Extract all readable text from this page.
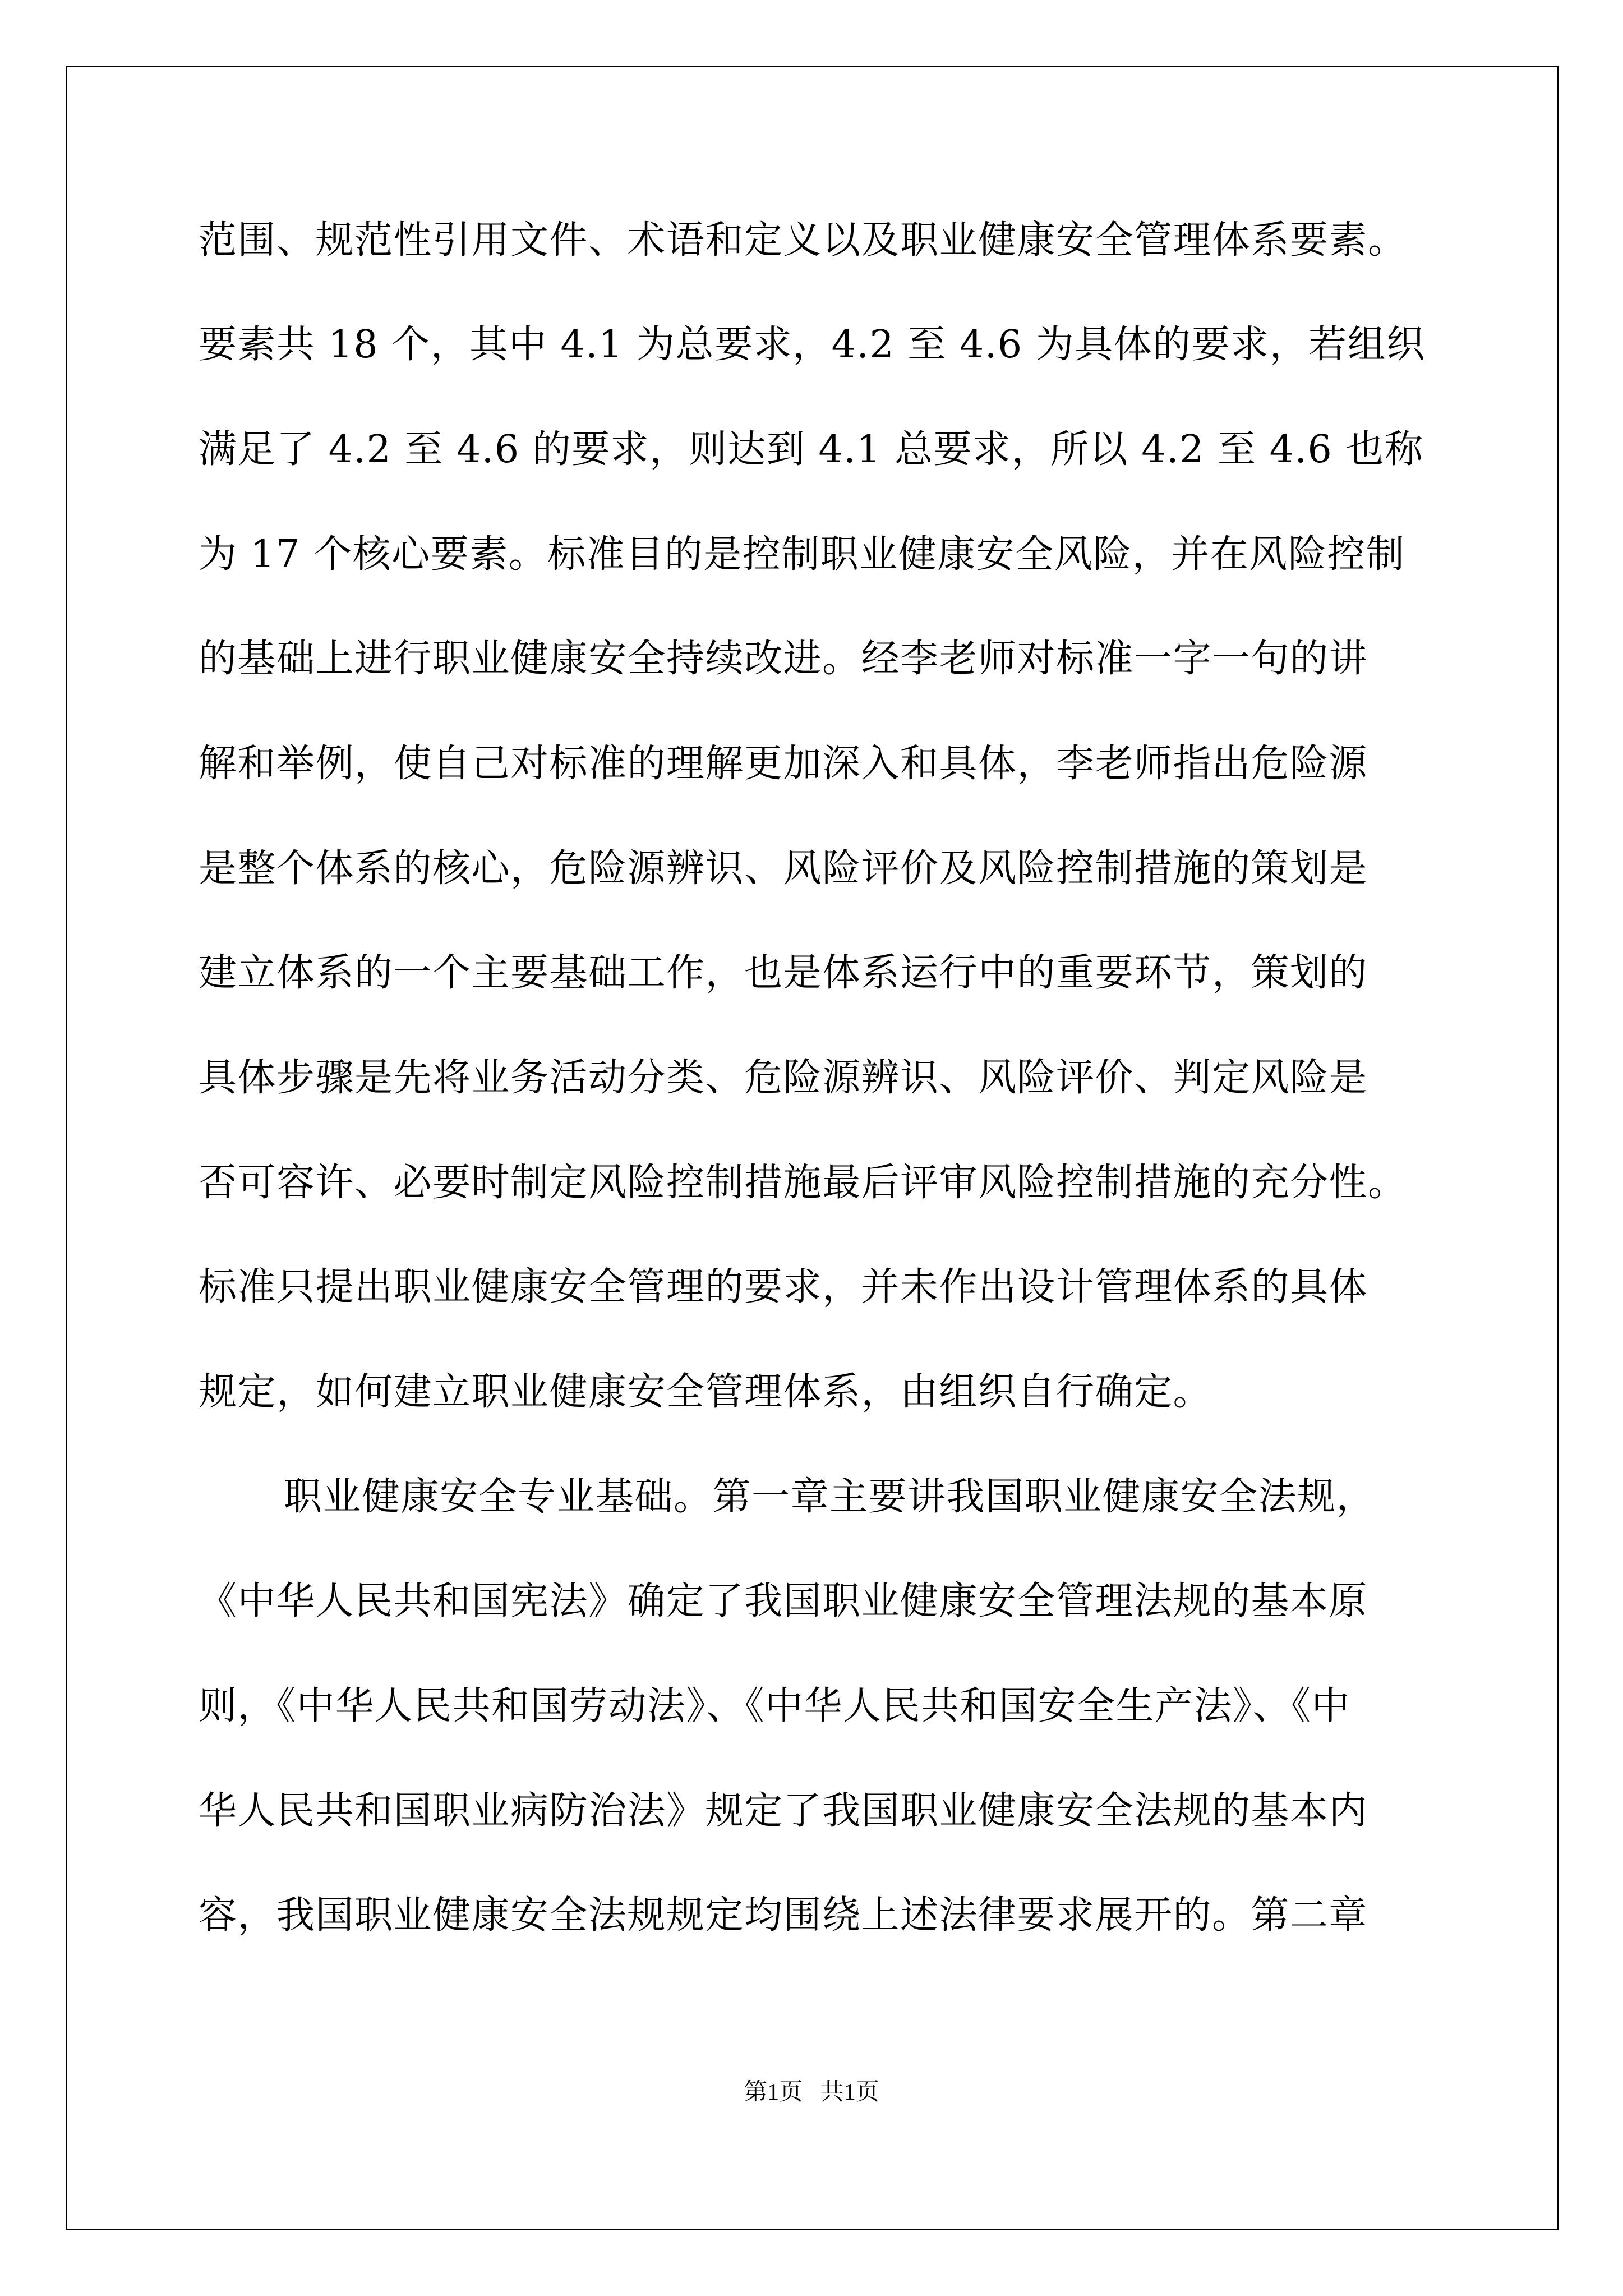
范围、规范性引用文件、术语和定义以及职业健康安全管理体系要素。
要素共 18 个，其中 4.1 为总要求，4.2 至 4.6 为具体的要求，若组织
满足了 4.2 至 4.6 的要求，则达到 4.1 总要求，所以 4.2 至 4.6 也称
为 17 个核心要素。标准目的是控制职业健康安全风险，并在风险控制
的基础上进行职业健康安全持续改进。经李老师对标准一字一句的讲
解和举例，使自己对标准的理解更加深入和具体，李老师指出危险源
是整个体系的核心，危险源辨识、风险评价及风险控制措施的策划是
建立体系的一个主要基础工作，也是体系运行中的重要环节，策划的
具体步骤是先将业务活动分类、危险源辨识、风险评价、判定风险是
否可容许、必要时制定风险控制措施最后评审风险控制措施的充分性。
标准只提出职业健康安全管理的要求，并未作出设计管理体系的具体
规定，如何建立职业健康安全管理体系，由组织自行确定。
职业健康安全专业基础。第一章主要讲我国职业健康安全法规，
《中华人民共和国宪法》确定了我国职业健康安全管理法规的基本原
则，《中华人民共和国劳动法》、《中华人民共和国安全生产法》、《中
华人民共和国职业病防治法》规定了我国职业健康安全法规的基本内
容，我国职业健康安全法规规定均围绕上述法律要求展开的。第二章
第1页   共1页
